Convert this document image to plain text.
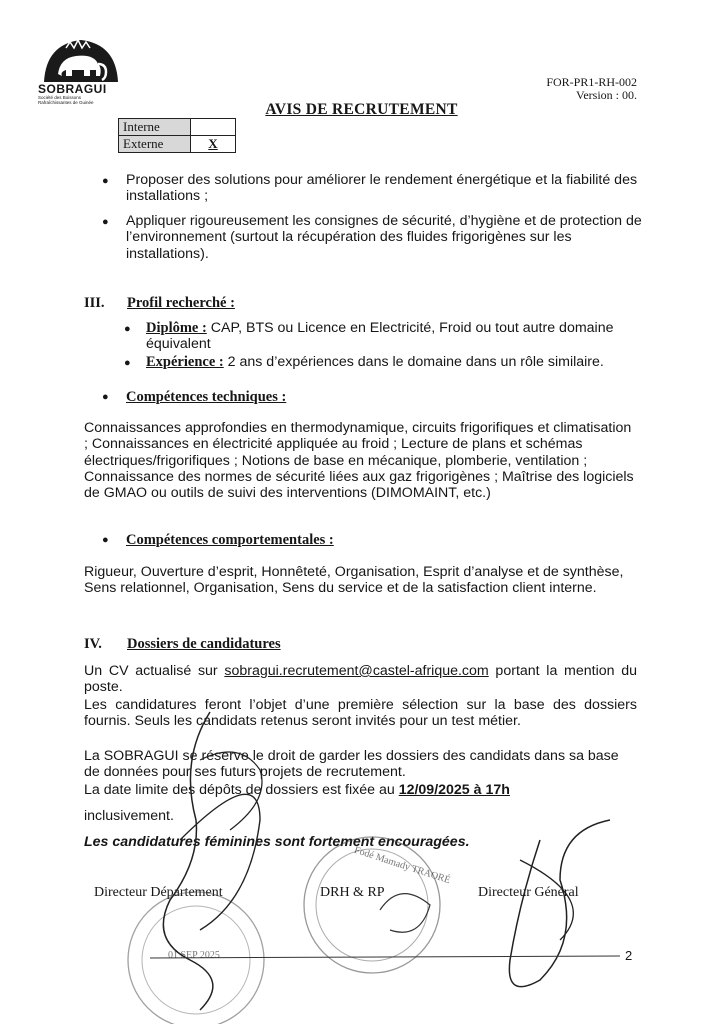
SOBRAGUI
Société des Boissons Rafraîchissantes de Guinée
FOR-PR1-RH-002
Version : 00.
AVIS DE RECRUTEMENT
Interne	
Externe	X
● Proposer des solutions pour améliorer le rendement énergétique et la fiabilité des installations ;
● Appliquer rigoureusement les consignes de sécurité, d’hygiène et de protection de l’environnement (surtout la récupération des fluides frigorigènes sur les installations).
III. Profil recherché :
● Diplôme : CAP, BTS ou Licence en Electricité, Froid ou tout autre domaine équivalent
● Expérience : 2 ans d’expériences dans le domaine dans un rôle similaire.
● Compétences techniques :
Connaissances approfondies en thermodynamique, circuits frigorifiques et climatisation ; Connaissances en électricité appliquée au froid ; Lecture de plans et schémas électriques/frigorifiques ; Notions de base en mécanique, plomberie, ventilation ; Connaissance des normes de sécurité liées aux gaz frigorigènes ; Maîtrise des logiciels de GMAO ou outils de suivi des interventions (DIMOMAINT, etc.)
● Compétences comportementales :
Rigueur, Ouverture d’esprit, Honnêteté, Organisation, Esprit d’analyse et de synthèse, Sens relationnel, Organisation, Sens du service et de la satisfaction client interne.
IV. Dossiers de candidatures
Un CV actualisé sur sobragui.recrutement@castel-afrique.com portant la mention du poste.
Les candidatures feront l’objet d’une première sélection sur la base des dossiers fournis. Seuls les candidats retenus seront invités pour un test métier.
La SOBRAGUI se réserve le droit de garder les dossiers des candidats dans sa base de données pour ses futurs projets de recrutement.
La date limite des dépôts de dossiers est fixée au 12/09/2025 à 17h
inclusivement.
Les candidatures féminines sont fortement encouragées.
Directeur Département	DRH & RP	Directeur Général
Fodé Mamady TRAORÉ
01 SEP 2025	2
